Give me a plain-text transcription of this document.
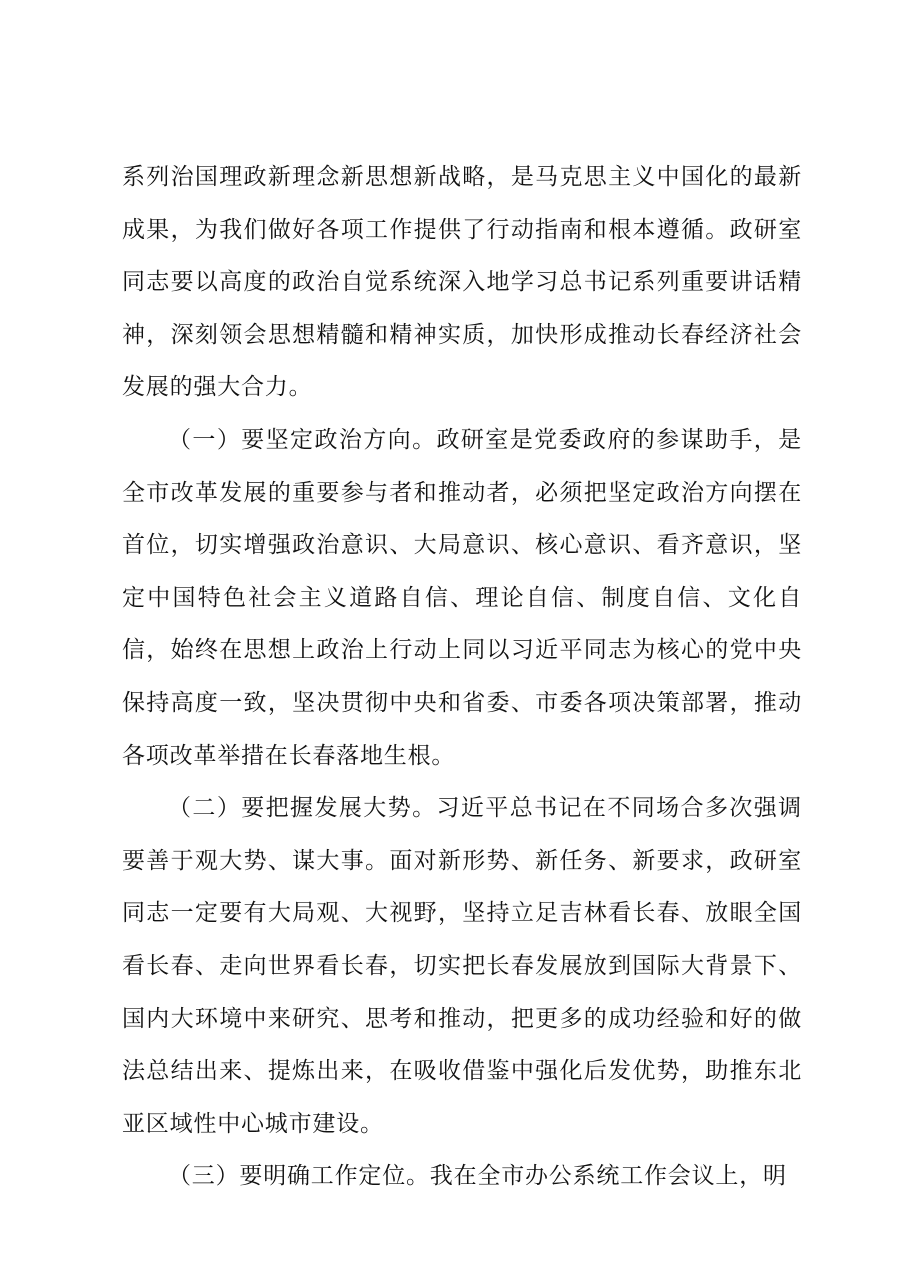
系列治国理政新理念新思想新战略，是马克思主义中国化的最新成果，为我们做好各项工作提供了行动指南和根本遵循。政研室同志要以高度的政治自觉系统深入地学习总书记系列重要讲话精神，深刻领会思想精髓和精神实质，加快形成推动长春经济社会发展的强大合力。

（一）要坚定政治方向。政研室是党委政府的参谋助手，是全市改革发展的重要参与者和推动者，必须把坚定政治方向摆在首位，切实增强政治意识、大局意识、核心意识、看齐意识，坚定中国特色社会主义道路自信、理论自信、制度自信、文化自信，始终在思想上政治上行动上同以习近平同志为核心的党中央保持高度一致，坚决贯彻中央和省委、市委各项决策部署，推动各项改革举措在长春落地生根。

（二）要把握发展大势。习近平总书记在不同场合多次强调要善于观大势、谋大事。面对新形势、新任务、新要求，政研室同志一定要有大局观、大视野，坚持立足吉林看长春、放眼全国看长春、走向世界看长春，切实把长春发展放到国际大背景下、国内大环境中来研究、思考和推动，把更多的成功经验和好的做法总结出来、提炼出来，在吸收借鉴中强化后发优势，助推东北亚区域性中心城市建设。

（三）要明确工作定位。我在全市办公系统工作会议上，明
